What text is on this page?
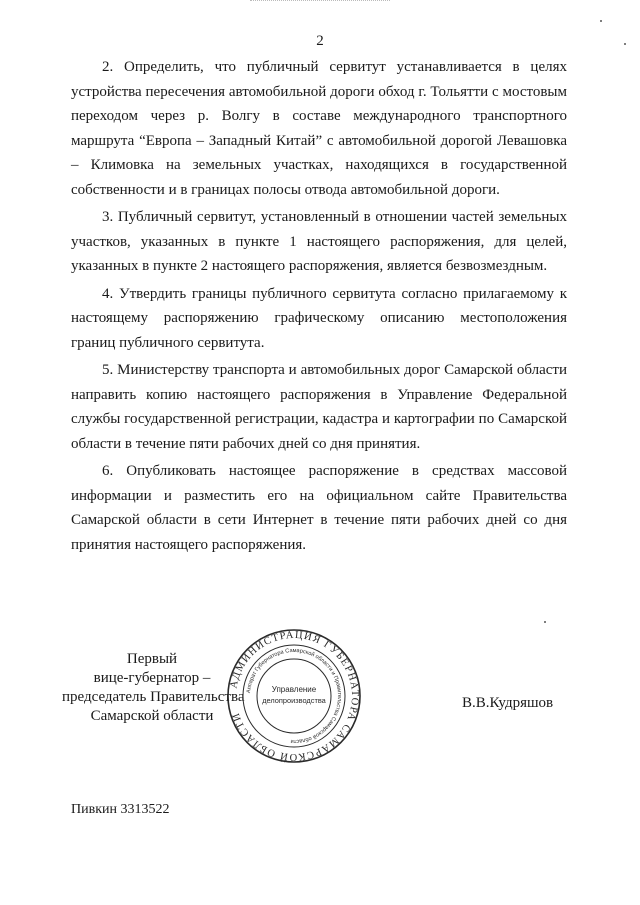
2

2. Определить, что публичный сервитут устанавливается в целях устройства пересечения автомобильной дороги обход г. Тольятти с мостовым переходом через р. Волгу в составе международного транспортного маршрута “Европа – Западный Китай” с автомобильной дорогой Левашовка – Климовка на земельных участках, находящихся в государственной собственности и в границах полосы отвода автомобильной дороги.

3. Публичный сервитут, установленный в отношении частей земельных участков, указанных в пункте 1 настоящего распоряжения, для целей, указанных в пункте 2 настоящего распоряжения, является безвозмездным.

4. Утвердить границы публичного сервитута согласно прилагаемому к настоящему распоряжению графическому описанию местоположения границ публичного сервитута.

5. Министерству транспорта и автомобильных дорог Самарской области направить копию настоящего распоряжения в Управление Федеральной службы государственной регистрации, кадастра и картографии по Самарской области в течение пяти рабочих дней со дня принятия.

6. Опубликовать настоящее распоряжение в средствах массовой информации и разместить его на официальном сайте Правительства Самарской области в сети Интернет в течение пяти рабочих дней со дня принятия настоящего распоряжения.

Первый
вице-губернатор –
председатель Правительства
Самарской области
АДМИНИСТРАЦИЯ ГУБЕРНАТОРА САМАРСКОЙ ОБЛАСТИ
Аппарат Губернатора Самарской области и Правительства Самарской области
Управление
делопроизводства	В.В.Кудряшов
Пивкин 3313522
